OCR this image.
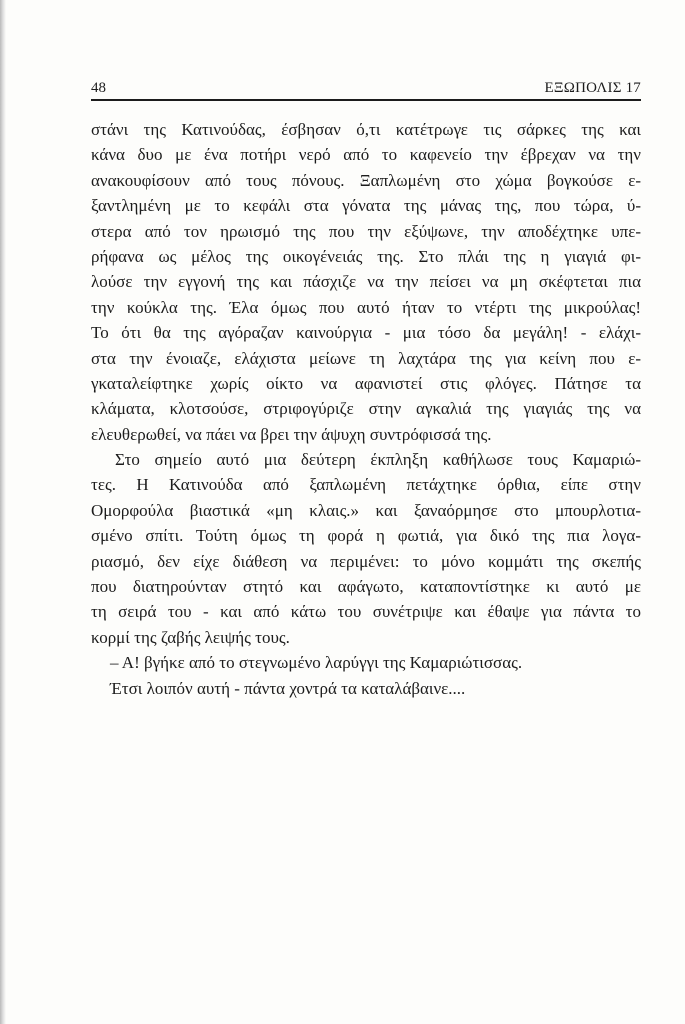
48	ΕΞΩΠΟΛΙΣ 17
στάνι της Κατινούδας, έσβησαν ό,τι κατέτρωγε τις σάρκες της και
κάνα δυο με ένα ποτήρι νερό από το καφενείο την έβρεχαν να την
ανακουφίσουν από τους πόνους. Ξαπλωμένη στο χώμα βογκούσε ε-
ξαντλημένη με το κεφάλι στα γόνατα της μάνας της, που τώρα, ύ-
στερα από τον ηρωισμό της που την εξύψωνε, την αποδέχτηκε υπε-
ρήφανα ως μέλος της οικογένειάς της. Στο πλάι της η γιαγιά φι-
λούσε την εγγονή της και πάσχιζε να την πείσει να μη σκέφτεται πια
την κούκλα της. Έλα όμως που αυτό ήταν το ντέρτι της μικρούλας!
Το ότι θα της αγόραζαν καινούργια - μια τόσο δα μεγάλη! - ελάχι-
στα την ένοιαζε, ελάχιστα μείωνε τη λαχτάρα της για κείνη που ε-
γκαταλείφτηκε χωρίς οίκτο να αφανιστεί στις φλόγες. Πάτησε τα
κλάματα, κλοτσούσε, στριφογύριζε στην αγκαλιά της γιαγιάς της να
ελευθερωθεί, να πάει να βρει την άψυχη συντρόφισσά της.
Στο σημείο αυτό μια δεύτερη έκπληξη καθήλωσε τους Καμαριώ-
τες. Η Κατινούδα από ξαπλωμένη πετάχτηκε όρθια, είπε στην
Ομορφούλα βιαστικά «μη κλαις.» και ξαναόρμησε στο μπουρλοτια-
σμένο σπίτι. Τούτη όμως τη φορά η φωτιά, για δικό της πια λογα-
ριασμό, δεν είχε διάθεση να περιμένει: το μόνο κομμάτι της σκεπής
που διατηρούνταν στητό και αφάγωτο, καταποντίστηκε κι αυτό με
τη σειρά του - και από κάτω του συνέτριψε και έθαψε για πάντα το
κορμί της ζαβής λειψής τους.
– Α! βγήκε από το στεγνωμένο λαρύγγι της Καμαριώτισσας.
Έτσι λοιπόν αυτή - πάντα χοντρά τα καταλάβαινε....
